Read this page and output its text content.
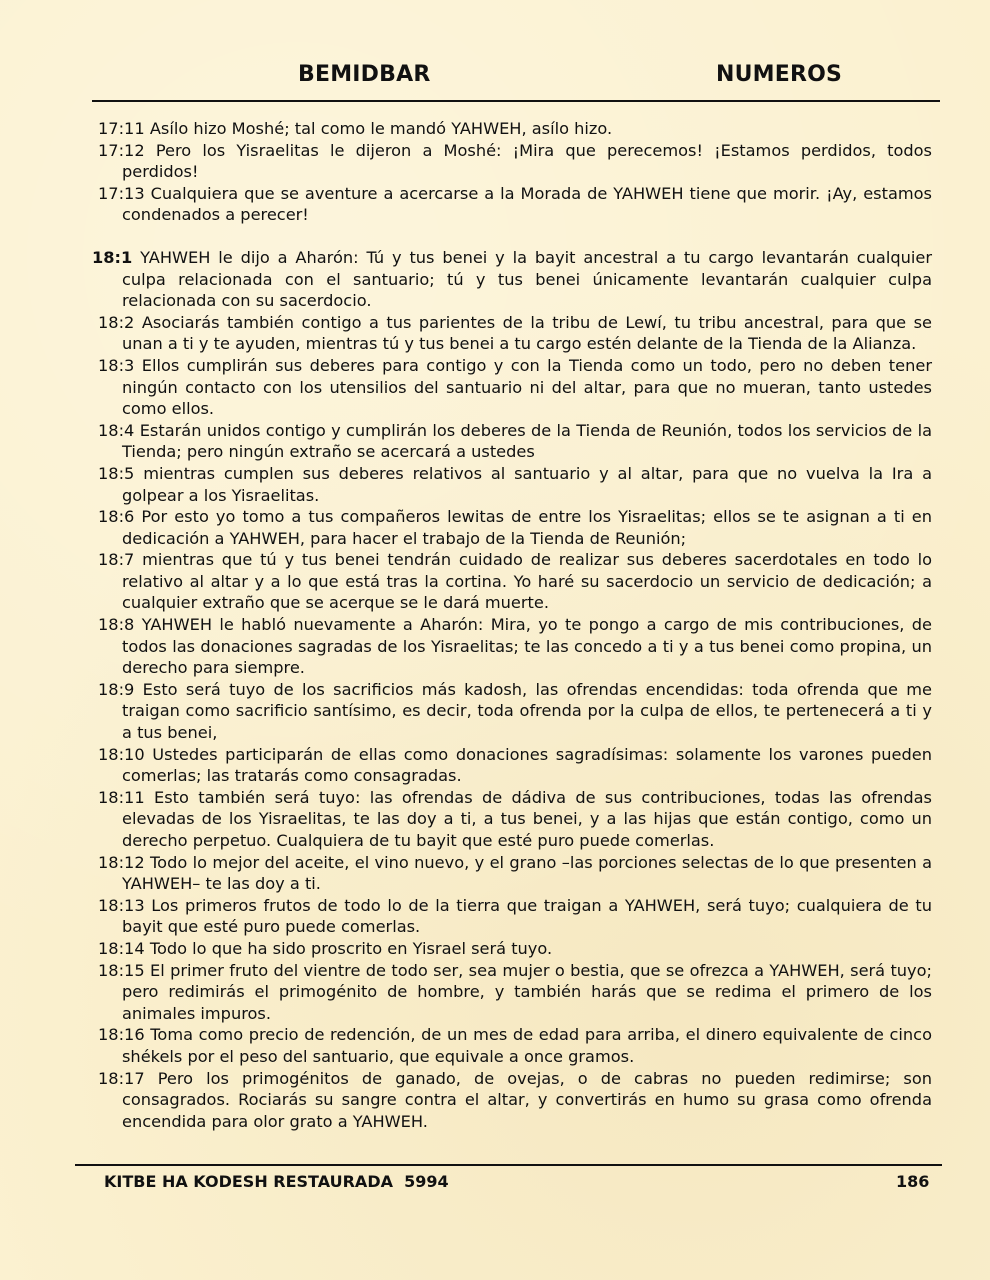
BEMIDBAR	NUMEROS

17:11 Asílo hizo Moshé; tal como le mandó YAHWEH, asílo hizo.

17:12 Pero los Yisraelitas le dijeron a Moshé: ¡Mira que perecemos! ¡Estamos perdidos, todos perdidos!

17:13 Cualquiera que se aventure a acercarse a la Morada de YAHWEH tiene que morir. ¡Ay, estamos condenados a perecer!

18:1 YAHWEH le dijo a Aharón: Tú y tus benei y la bayit ancestral a tu cargo levantarán cualquier culpa relacionada con el santuario; tú y tus benei únicamente levantarán cualquier culpa relacionada con su sacerdocio.

18:2 Asociarás también contigo a tus parientes de la tribu de Lewí, tu tribu ancestral, para que se unan a ti y te ayuden, mientras tú y tus benei a tu cargo estén delante de la Tienda de la Alianza.

18:3 Ellos cumplirán sus deberes para contigo y con la Tienda como un todo, pero no deben tener ningún contacto con los utensilios del santuario ni del altar, para que no mueran, tanto ustedes como ellos.

18:4 Estarán unidos contigo y cumplirán los deberes de la Tienda de Reunión, todos los servicios de la Tienda; pero ningún extraño se acercará a ustedes

18:5 mientras cumplen sus deberes relativos al santuario y al altar, para que no vuelva la Ira a golpear a los Yisraelitas.

18:6 Por esto yo tomo a tus compañeros lewitas de entre los Yisraelitas; ellos se te asignan a ti en dedicación a YAHWEH, para hacer el trabajo de la Tienda de Reunión;

18:7 mientras que tú y tus benei tendrán cuidado de realizar sus deberes sacerdotales en todo lo relativo al altar y a lo que está tras la cortina. Yo haré su sacerdocio un servicio de dedicación; a cualquier extraño que se acerque se le dará muerte.

18:8 YAHWEH le habló nuevamente a Aharón: Mira, yo te pongo a cargo de mis contribuciones, de todos las donaciones sagradas de los Yisraelitas; te las concedo a ti y a tus benei como propina, un derecho para siempre.

18:9 Esto será tuyo de los sacrificios más kadosh, las ofrendas encendidas: toda ofrenda que me traigan como sacrificio santísimo, es decir, toda ofrenda por la culpa de ellos, te pertenecerá a ti y a tus benei,

18:10 Ustedes participarán de ellas como donaciones sagradísimas: solamente los varones pueden comerlas; las tratarás como consagradas.

18:11 Esto también será tuyo: las ofrendas de dádiva de sus contribuciones, todas las ofrendas elevadas de los Yisraelitas, te las doy a ti, a tus benei, y a las hijas que están contigo, como un derecho perpetuo. Cualquiera de tu bayit que esté puro puede comerlas.

18:12 Todo lo mejor del aceite, el vino nuevo, y el grano –las porciones selectas de lo que presenten a YAHWEH– te las doy a ti.

18:13 Los primeros frutos de todo lo de la tierra que traigan a YAHWEH, será tuyo; cualquiera de tu bayit que esté puro puede comerlas.

18:14 Todo lo que ha sido proscrito en Yisrael será tuyo.

18:15 El primer fruto del vientre de todo ser, sea mujer o bestia, que se ofrezca a YAHWEH, será tuyo; pero redimirás el primogénito de hombre, y también harás que se redima el primero de los animales impuros.

18:16 Toma como precio de redención, de un mes de edad para arriba, el dinero equivalente de cinco shékels por el peso del santuario, que equivale a once gramos.

18:17 Pero los primogénitos de ganado, de ovejas, o de cabras no pueden redimirse; son consagrados. Rociarás su sangre contra el altar, y convertirás en humo su grasa como ofrenda encendida para olor grato a YAHWEH.

KITBE HA KODESH RESTAURADA  5994	186
